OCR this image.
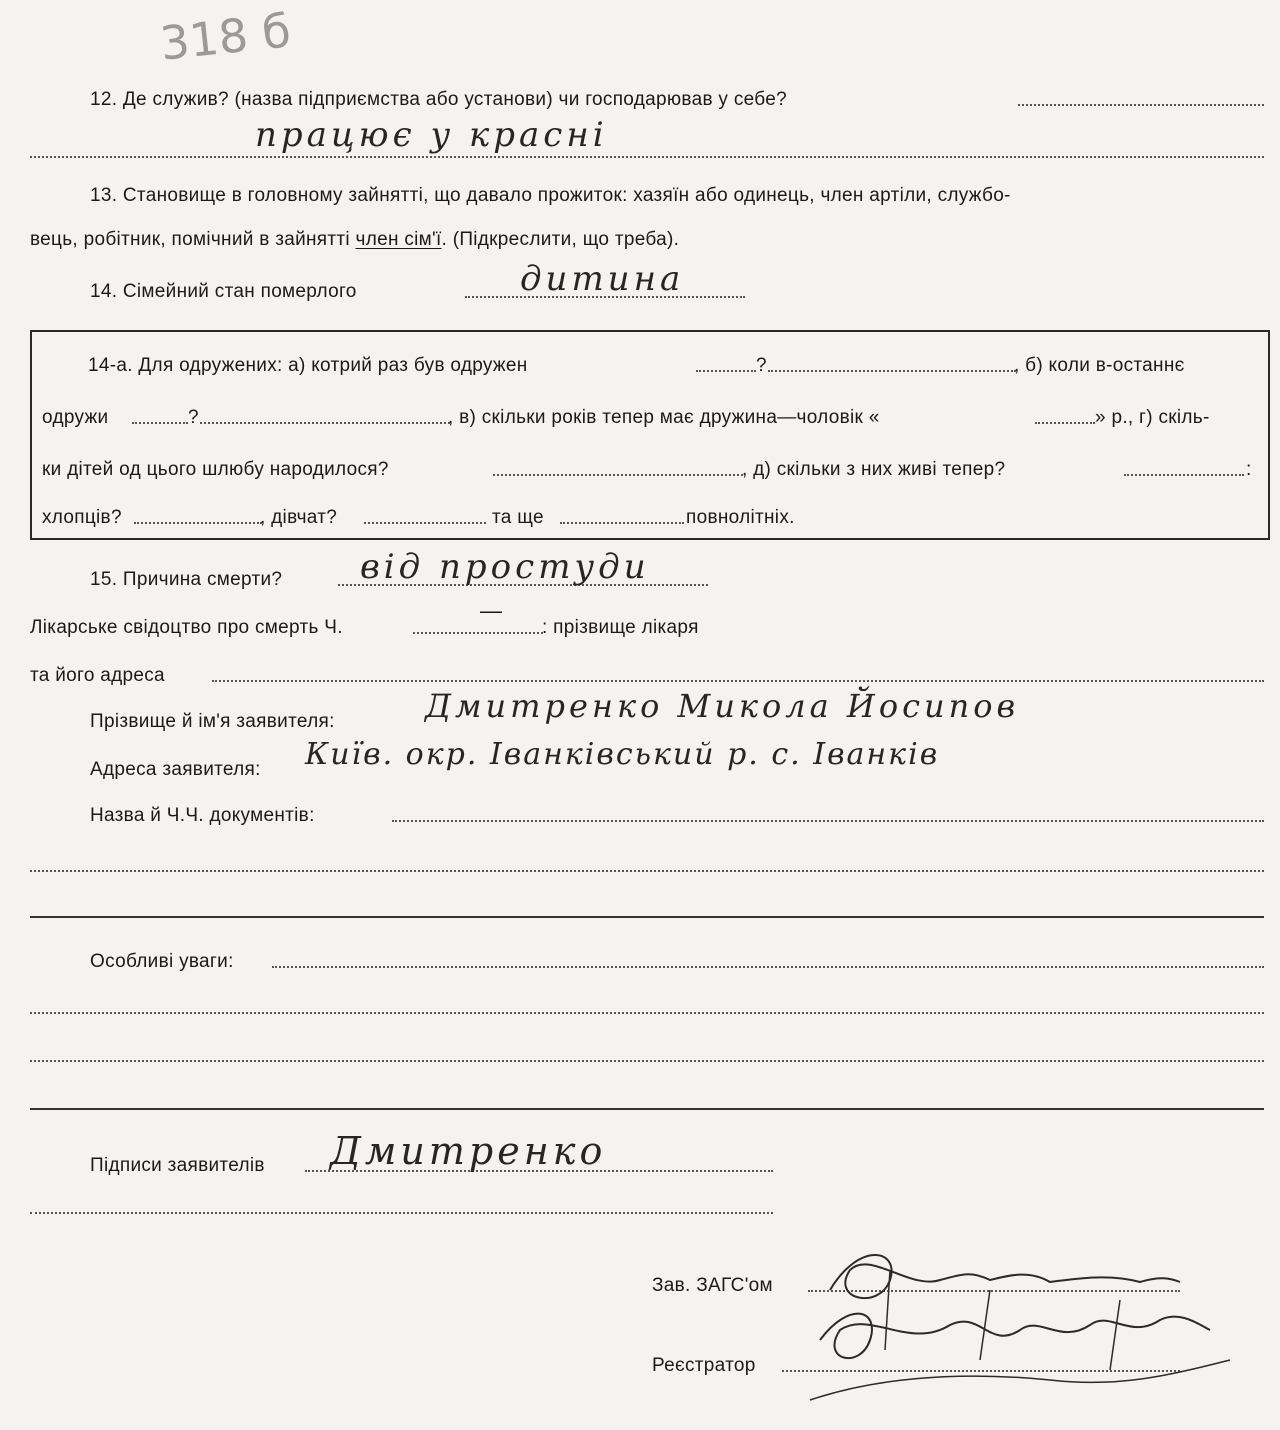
318 б
12. Де служив? (назва підприємства або установи) чи господарював у себе?
працює у красні
13. Становище в головному зайнятті, що давало прожиток: хазяїн або одинець, член артіли, службо-
вець, робітник, помічний в зайнятті член сім'ї. (Підкреслити, що треба).
14. Сімейний стан померлого	дитина
14-а. Для одружених: а) котрий раз був одружен	?	, б) коли в-останнє
одружи	?	, в) скільки років тепер має дружина—чоловік «	» р., г) скіль-
ки дітей од цього шлюбу народилося?	, д) скільки з них живі тепер?	:
хлопців?	, дівчат?	та ще	повнолітніх.
15. Причина смерти? від простуди
Лікарське свідоцтво про смерть Ч.
—
: прізвище лікаря
та його адреса
Прізвище й ім'я заявителя:	Дмитренко Микола Йосипов
Адреса заявителя: Київ. окр. Іванківський р. с. Іванків
Назва й Ч.Ч. документів:
Особливі уваги:
Підписи заявителів Дмитренко
Зав. ЗАГС'ом
Реєстратор
